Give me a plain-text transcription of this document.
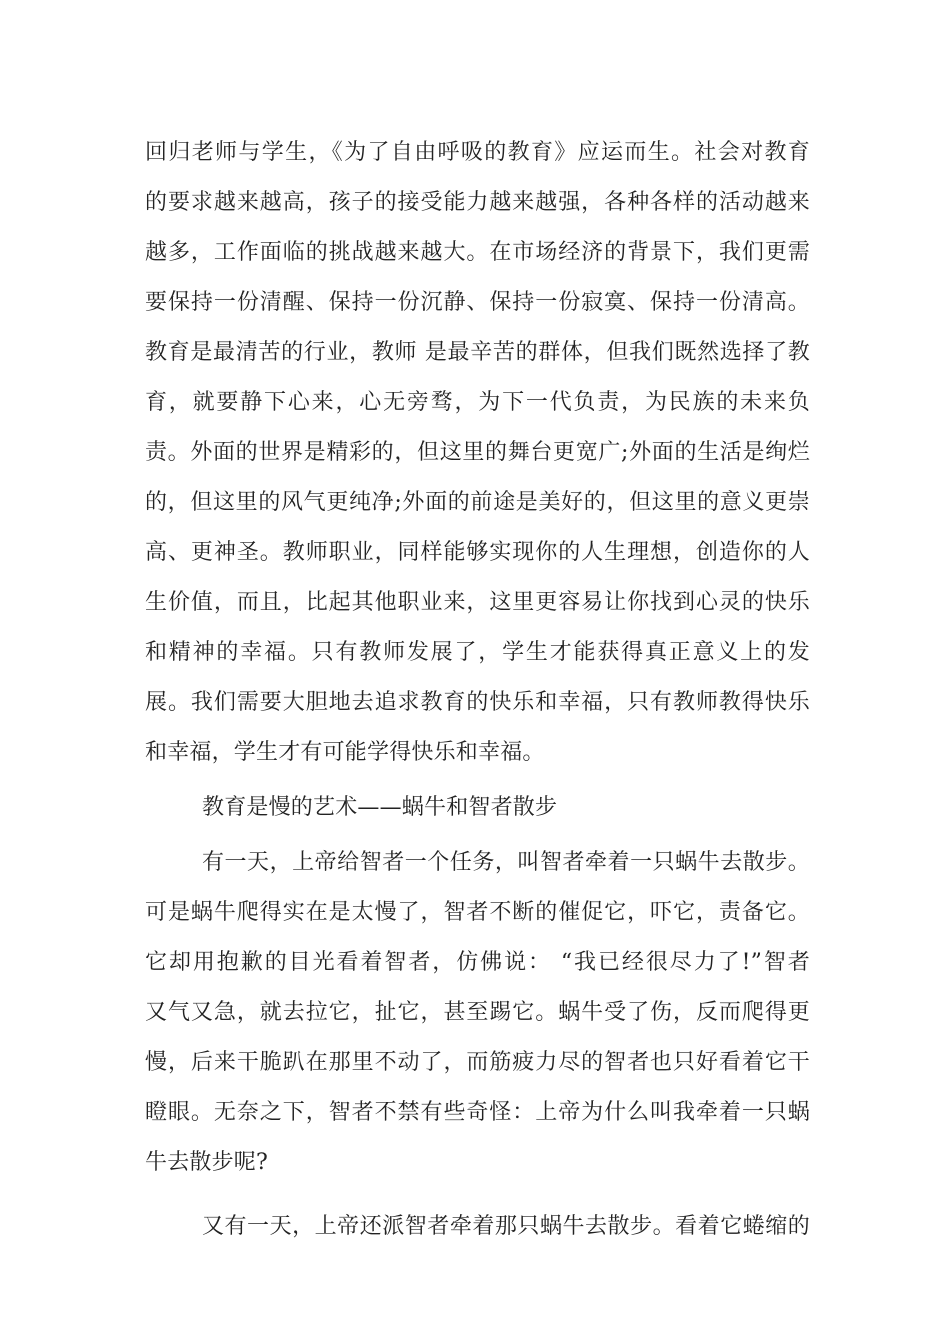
回归老师与学生，《为了自由呼吸的教育》应运而生。社会对教育
的要求越来越高，孩子的接受能力越来越强，各种各样的活动越来
越多，工作面临的挑战越来越大。在市场经济的背景下，我们更需
要保持一份清醒、保持一份沉静、保持一份寂寞、保持一份清高。
教育是最清苦的行业，教师 是最辛苦的群体，但我们既然选择了教
育，就要静下心来，心无旁骛，为下一代负责，为民族的未来负
责。外面的世界是精彩的，但这里的舞台更宽广;外面的生活是绚烂
的，但这里的风气更纯净;外面的前途是美好的，但这里的意义更崇
高、更神圣。教师职业，同样能够实现你的人生理想，创造你的人
生价值，而且，比起其他职业来，这里更容易让你找到心灵的快乐
和精神的幸福。只有教师发展了，学生才能获得真正意义上的发
展。我们需要大胆地去追求教育的快乐和幸福，只有教师教得快乐
和幸福，学生才有可能学得快乐和幸福。
教育是慢的艺术——蜗牛和智者散步
有一天，上帝给智者一个任务，叫智者牵着一只蜗牛去散步。
可是蜗牛爬得实在是太慢了，智者不断的催促它，吓它，责备它。
它却用抱歉的目光看着智者，仿佛说： “我已经很尽力了!”智者
又气又急，就去拉它，扯它，甚至踢它。蜗牛受了伤，反而爬得更
慢，后来干脆趴在那里不动了，而筋疲力尽的智者也只好看着它干
瞪眼。无奈之下，智者不禁有些奇怪：上帝为什么叫我牵着一只蜗
牛去散步呢?
又有一天，上帝还派智者牵着那只蜗牛去散步。看着它蜷缩的
